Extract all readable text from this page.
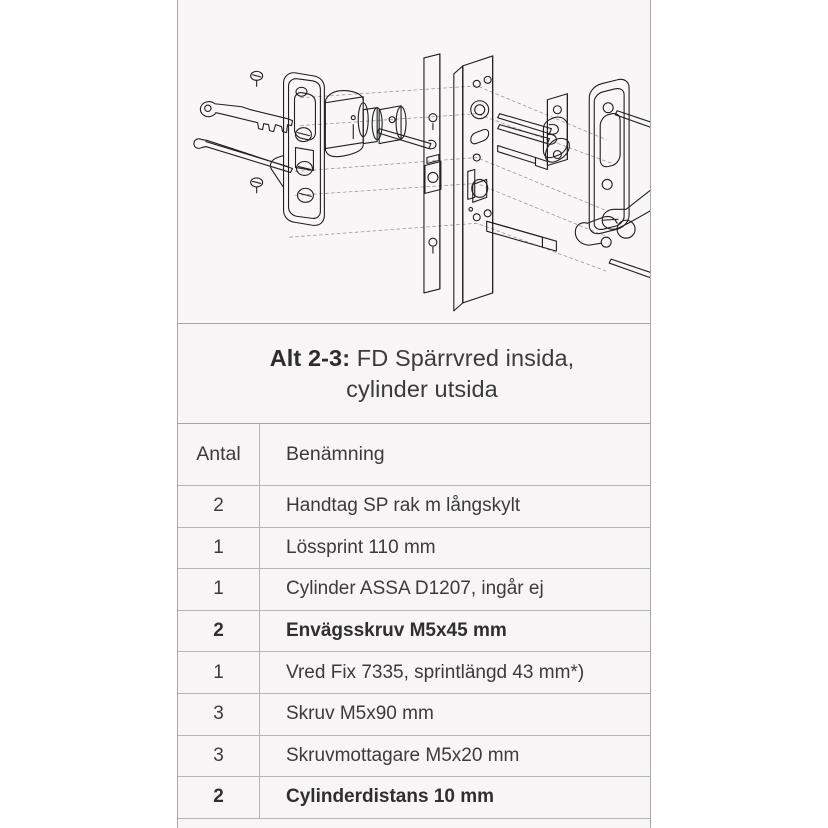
Alt 2-3: FD Spärrvred insida,
cylinder utsida
Antal	Benämning
2	Handtag SP rak m långskylt
1	Lössprint 110 mm
1	Cylinder ASSA D1207, ingår ej
2	Envägsskruv M5x45 mm
1	Vred Fix 7335, sprintlängd 43 mm*)
3	Skruv M5x90 mm
3	Skruvmottagare M5x20 mm
2	Cylinderdistans 10 mm
